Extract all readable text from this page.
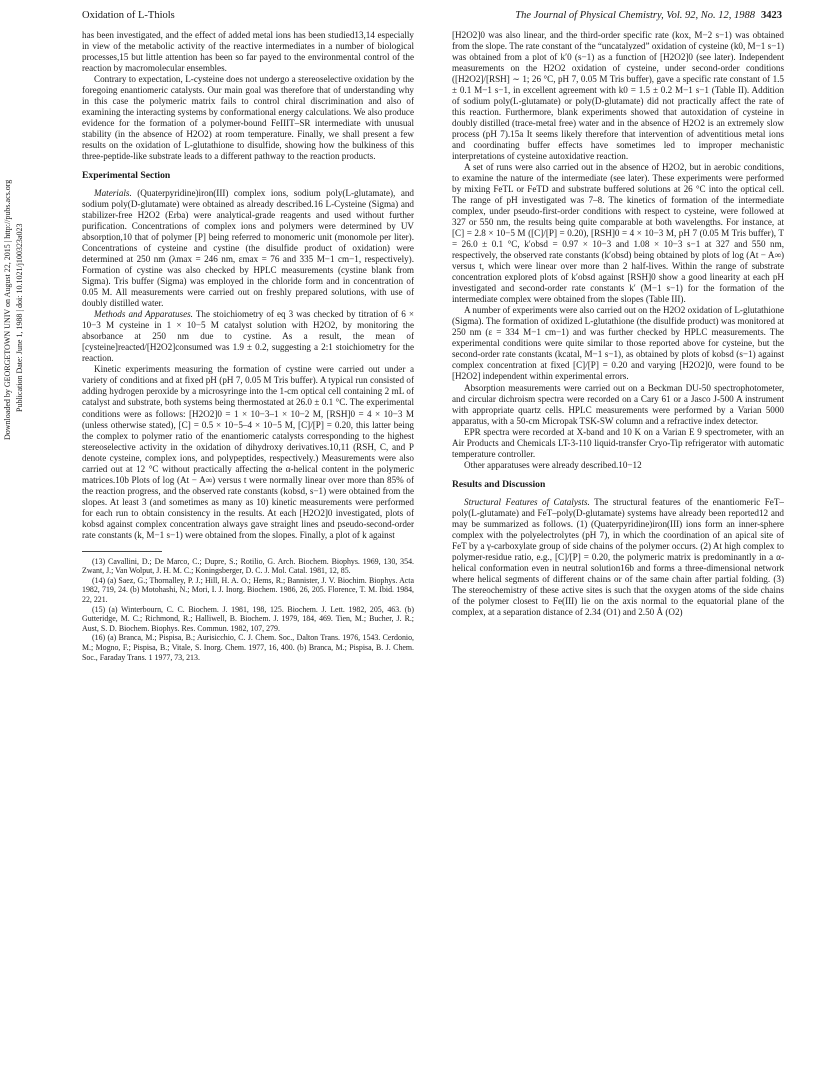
Oxidation of L-Thiols	The Journal of Physical Chemistry, Vol. 92, No. 12, 1988 3423
Downloaded by GEORGETOWN UNIV on August 22, 2015 | http://pubs.acs.org Publication Date: June 1, 1988 | doi: 10.1021/j100323a023

has been investigated, and the effect of added metal ions has been studied13,14 especially in view of the metabolic activity of the reactive intermediates in a number of biological processes,15 but little attention has been so far payed to the environmental control of the reaction by macromolecular ensembles.

Contrary to expectation, L-cysteine does not undergo a stereoselective oxidation by the foregoing enantiomeric catalysts. Our main goal was therefore that of understanding why in this case the polymeric matrix fails to control chiral discrimination and also of examining the interacting systems by conformational energy calculations. We also produce evidence for the formation of a polymer-bound FeIIIT–SR intermediate with unusual stability (in the absence of H2O2) at room temperature. Finally, we shall present a few results on the oxidation of L-glutathione to disulfide, showing how the bulkiness of this three-peptide-like substrate leads to a different pathway to the reaction products.

Experimental Section

Materials. (Quaterpyridine)iron(III) complex ions, sodium poly(L-glutamate), and sodium poly(D-glutamate) were obtained as already described.16 L-Cysteine (Sigma) and stabilizer-free H2O2 (Erba) were analytical-grade reagents and used without further purification. Concentrations of complex ions and polymers were determined by UV absorption,10 that of polymer [P] being referred to monomeric unit (monomole per liter). Concentrations of cysteine and cystine (the disulfide product of oxidation) were determined at 250 nm (λmax = 246 nm, εmax = 76 and 335 M−1 cm−1, respectively). Formation of cystine was also checked by HPLC measurements (cystine blank from Sigma). Tris buffer (Sigma) was employed in the chloride form and in concentration of 0.05 M. All measurements were carried out on freshly prepared solutions, with use of doubly distilled water.

Methods and Apparatuses. The stoichiometry of eq 3 was checked by titration of 6 × 10−3 M cysteine in 1 × 10−5 M catalyst solution with H2O2, by monitoring the absorbance at 250 nm due to cystine. As a result, the mean of [cysteine]reacted/[H2O2]consumed was 1.9 ± 0.2, suggesting a 2:1 stoichiometry for the reaction.

Kinetic experiments measuring the formation of cystine were carried out under a variety of conditions and at fixed pH (pH 7, 0.05 M Tris buffer). A typical run consisted of adding hydrogen peroxide by a microsyringe into the 1-cm optical cell containing 2 mL of catalyst and substrate, both systems being thermostated at 26.0 ± 0.1 °C. The experimental conditions were as follows: [H2O2]0 = 1 × 10−3–1 × 10−2 M, [RSH]0 = 4 × 10−3 M (unless otherwise stated), [C] = 0.5 × 10−5–4 × 10−5 M, [C]/[P] = 0.20, this latter being the complex to polymer ratio of the enantiomeric catalysts corresponding to the highest stereoselective activity in the oxidation of dihydroxy derivatives.10,11 (RSH, C, and P denote cysteine, complex ions, and polypeptides, respectively.) Measurements were also carried out at 12 °C without practically affecting the α-helical content in the polymeric matrices.10b Plots of log (At − A∞) versus t were normally linear over more than 85% of the reaction progress, and the observed rate constants (kobsd, s−1) were obtained from the slopes. At least 3 (and sometimes as many as 10) kinetic measurements were performed for each run to obtain consistency in the results. At each [H2O2]0 investigated, plots of kobsd against complex concentration always gave straight lines and pseudo-second-order rate constants (k, M−1 s−1) were obtained from the slopes. Finally, a plot of k against

(13) Cavallini, D.; De Marco, C.; Dupre, S.; Rotilio, G. Arch. Biochem. Biophys. 1969, 130, 354. Zwant, J.; Van Wolput, J. H. M. C.; Koningsberger, D. C. J. Mol. Catal. 1981, 12, 85.

(14) (a) Saez, G.; Thornalley, P. J.; Hill, H. A. O.; Hems, R.; Bannister, J. V. Biochim. Biophys. Acta 1982, 719, 24. (b) Motohashi, N.; Mori, I. J. Inorg. Biochem. 1986, 26, 205. Florence, T. M. Ibid. 1984, 22, 221.

(15) (a) Winterbourn, C. C. Biochem. J. 1981, 198, 125. Biochem. J. Lett. 1982, 205, 463. (b) Gutteridge, M. C.; Richmond, R.; Halliwell, B. Biochem. J. 1979, 184, 469. Tien, M.; Bucher, J. R.; Aust, S. D. Biochem. Biophys. Res. Commun. 1982, 107, 279.

(16) (a) Branca, M.; Pispisa, B.; Aurisicchio, C. J. Chem. Soc., Dalton Trans. 1976, 1543. Cerdonio, M.; Mogno, F.; Pispisa, B.; Vitale, S. Inorg. Chem. 1977, 16, 400. (b) Branca, M.; Pispisa, B. J. Chem. Soc., Faraday Trans. 1 1977, 73, 213.

[H2O2]0 was also linear, and the third-order specific rate (kox, M−2 s−1) was obtained from the slope. The rate constant of the “uncatalyzed” oxidation of cysteine (k0, M−1 s−1) was obtained from a plot of k′0 (s−1) as a function of [H2O2]0 (see later). Independent measurements on the H2O2 oxidation of cysteine, under second-order conditions ([H2O2]/[RSH] ∼ 1; 26 °C, pH 7, 0.05 M Tris buffer), gave a specific rate constant of 1.5 ± 0.1 M−1 s−1, in excellent agreement with k0 = 1.5 ± 0.2 M−1 s−1 (Table II). Addition of sodium poly(L-glutamate) or poly(D-glutamate) did not practically affect the rate of this reaction. Furthermore, blank experiments showed that autoxidation of cysteine in doubly distilled (trace-metal free) water and in the absence of H2O2 is an extremely slow process (pH 7).15a It seems likely therefore that intervention of adventitious metal ions and coordinating buffer effects have sometimes led to improper mechanistic interpretations of cysteine autoxidative reaction.

A set of runs were also carried out in the absence of H2O2, but in aerobic conditions, to examine the nature of the intermediate (see later). These experiments were performed by mixing FeTL or FeTD and substrate buffered solutions at 26 °C into the optical cell. The range of pH investigated was 7–8. The kinetics of formation of the intermediate complex, under pseudo-first-order conditions with respect to cysteine, were followed at 327 or 550 nm, the results being quite comparable at both wavelengths. For instance, at [C] = 2.8 × 10−5 M ([C]/[P] = 0.20), [RSH]0 = 4 × 10−3 M, pH 7 (0.05 M Tris buffer), T = 26.0 ± 0.1 °C, k′obsd = 0.97 × 10−3 and 1.08 × 10−3 s−1 at 327 and 550 nm, respectively, the observed rate constants (k′obsd) being obtained by plots of log (At − A∞) versus t, which were linear over more than 2 half-lives. Within the range of substrate concentration explored plots of k′obsd against [RSH]0 show a good linearity at each pH investigated and second-order rate constants k′ (M−1 s−1) for the formation of the intermediate complex were obtained from the slopes (Table III).

A number of experiments were also carried out on the H2O2 oxidation of L-glutathione (Sigma). The formation of oxidized L-glutathione (the disulfide product) was monitored at 250 nm (ε = 334 M−1 cm−1) and was further checked by HPLC measurements. The experimental conditions were quite similar to those reported above for cysteine, but the second-order rate constants (kcatal, M−1 s−1), as obtained by plots of kobsd (s−1) against complex concentration at fixed [C]/[P] = 0.20 and varying [H2O2]0, were found to be [H2O2] independent within experimental errors.

Absorption measurements were carried out on a Beckman DU-50 spectrophotometer, and circular dichroism spectra were recorded on a Cary 61 or a Jasco J-500 A instrument with appropriate quartz cells. HPLC measurements were performed by a Varian 5000 apparatus, with a 50-cm Micropak TSK-SW column and a refractive index detector.

EPR spectra were recorded at X-band and 10 K on a Varian E 9 spectrometer, with an Air Products and Chemicals LT-3-110 liquid-transfer Cryo-Tip refrigerator with automatic temperature controller.

Other apparatuses were already described.10−12

Results and Discussion

Structural Features of Catalysts. The structural features of the enantiomeric FeT–poly(L-glutamate) and FeT–poly(D-glutamate) systems have already been reported12 and may be summarized as follows. (1) (Quaterpyridine)iron(III) ions form an inner-sphere complex with the polyelectrolytes (pH 7), in which the coordination of an apical site of FeT by a γ-carboxylate group of side chains of the polymer occurs. (2) At high complex to polymer-residue ratio, e.g., [C]/[P] = 0.20, the polymeric matrix is predominantly in a α-helical conformation even in neutral solution16b and forms a three-dimensional network where helical segments of different chains or of the same chain after partial folding. (3) The stereochemistry of these active sites is such that the oxygen atoms of the side chains of the polymer closest to Fe(III) lie on the axis normal to the equatorial plane of the complex, at a separation distance of 2.34 (O1) and 2.50 Å (O2)
